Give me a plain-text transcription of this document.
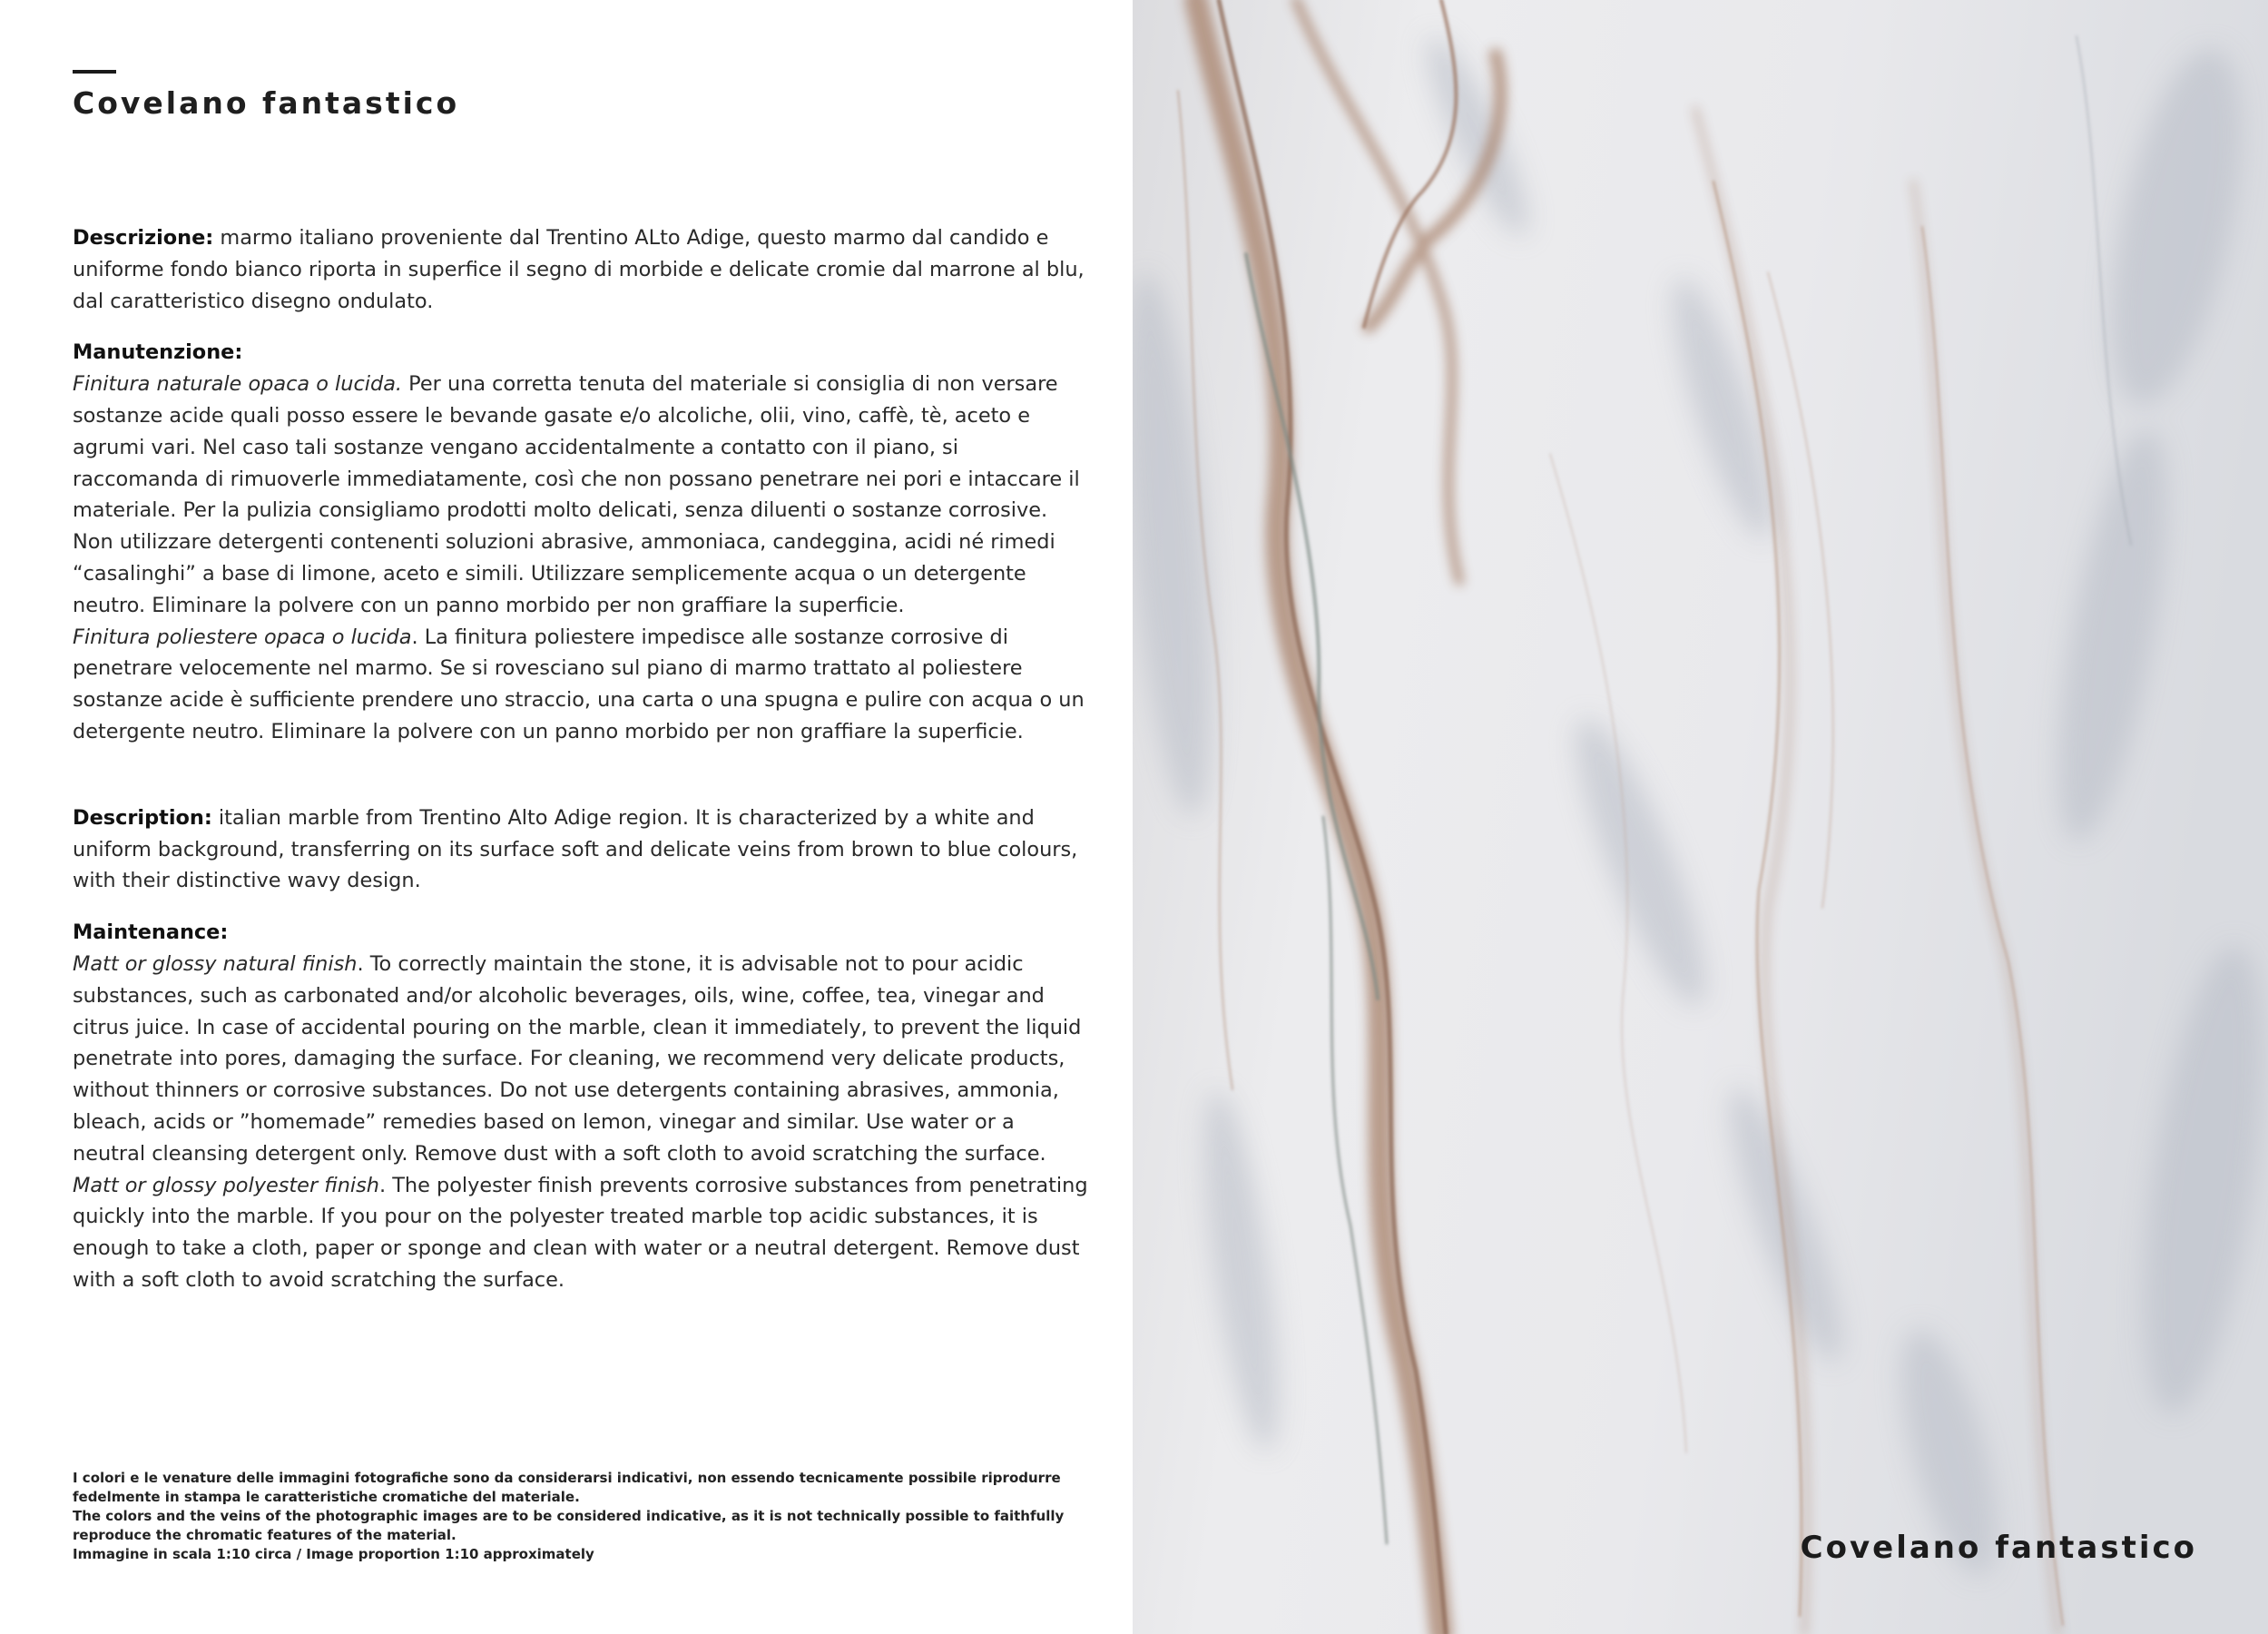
Covelano fantastico

Descrizione: marmo italiano proveniente dal Trentino ALto Adige, questo marmo dal candido e uniforme fondo bianco riporta in superfice il segno di morbide e delicate cromie dal marrone al blu, dal caratteristico disegno ondulato.

Manutenzione:

Finitura naturale opaca o lucida. Per una corretta tenuta del materiale si consiglia di non versare sostanze acide quali posso essere le bevande gasate e/o alcoliche, olii, vino, caffè, tè, aceto e agrumi vari. Nel caso tali sostanze vengano accidentalmente a contatto con il piano, si raccomanda di rimuoverle immediatamente, così che non possano penetrare nei pori e intaccare il materiale. Per la pulizia consigliamo prodotti molto delicati, senza diluenti o sostanze corrosive. Non utilizzare detergenti contenenti soluzioni abrasive, ammoniaca, candeggina, acidi né rimedi “casalinghi” a base di limone, aceto e simili. Utilizzare semplicemente acqua o un detergente neutro. Eliminare la polvere con un panno morbido per non graffiare la superficie.

Finitura poliestere opaca o lucida. La finitura poliestere impedisce alle sostanze corrosive di penetrare velocemente nel marmo. Se si rovesciano sul piano di marmo trattato al poliestere sostanze acide è sufficiente prendere uno straccio, una carta o una spugna e pulire con acqua o un detergente neutro. Eliminare la polvere con un panno morbido per non graffiare la superficie.

Description: italian marble from Trentino Alto Adige region. It is characterized by a white and uniform background, transferring on its surface soft and delicate veins from brown to blue colours, with their distinctive wavy design.

Maintenance:

Matt or glossy natural finish. To correctly maintain the stone, it is advisable not to pour acidic substances, such as carbonated and/or alcoholic beverages, oils, wine, coffee, tea, vinegar and citrus juice. In case of accidental pouring on the marble, clean it immediately, to prevent the liquid penetrate into pores, damaging the surface. For cleaning, we recommend very delicate products, without thinners or corrosive substances. Do not use detergents containing abrasives, ammonia, bleach, acids or ”homemade” remedies based on lemon, vinegar and similar. Use water or a neutral cleansing detergent only. Remove dust with a soft cloth to avoid scratching the surface.

Matt or glossy polyester finish. The polyester finish prevents corrosive substances from penetrating quickly into the marble. If you pour on the polyester treated marble top acidic substances, it is enough to take a cloth, paper or sponge and clean with water or a neutral detergent. Remove dust with a soft cloth to avoid scratching the surface.

I colori e le venature delle immagini fotografiche sono da considerarsi indicativi, non essendo tecnicamente possibile riprodurre fedelmente in stampa le caratteristiche cromatiche del materiale.
The colors and the veins of the photographic images are to be considered indicative, as it is not technically possible to faithfully reproduce the chromatic features of the material.
Immagine in scala 1:10 circa / Image proportion 1:10 approximately	Covelano fantastico
